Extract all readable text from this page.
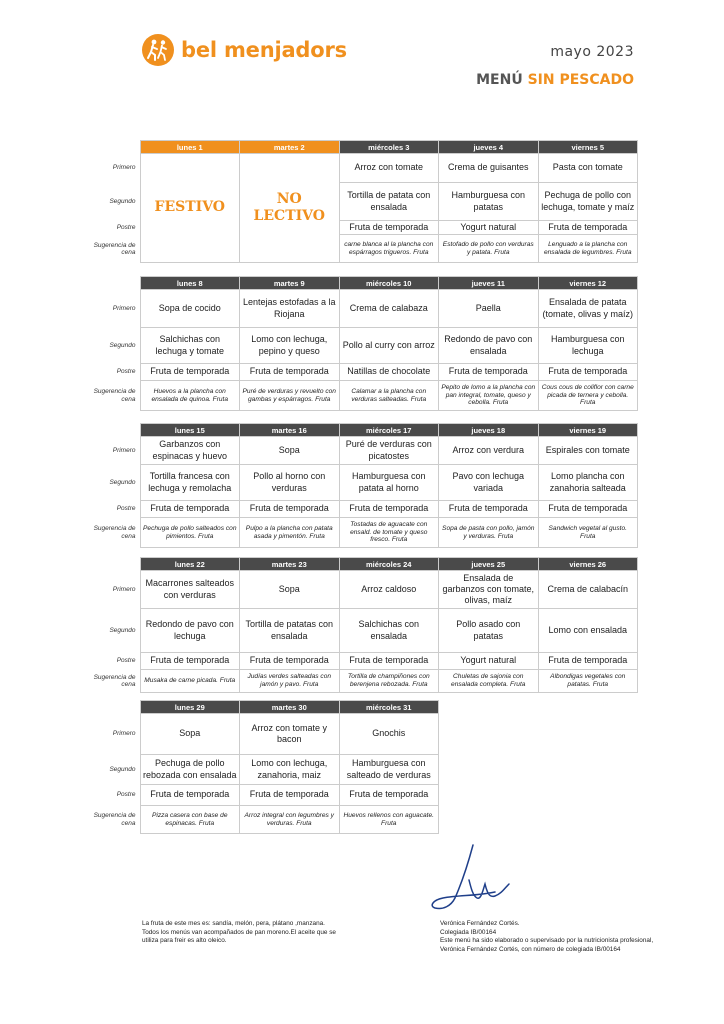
bel menjadors	mayo 2023
MENÚ SIN PESCADO
	lunes 1	martes 2	miércoles 3	jueves 4	viernes 5
Primero	FESTIVO	NO LECTIVO	Arroz con tomate	Crema de guisantes	Pasta con tomate
Segundo			Tortilla de patata con ensalada	Hamburguesa con patatas	Pechuga de pollo con lechuga, tomate y maíz
Postre			Fruta de temporada	Yogurt natural	Fruta de temporada
Sugerencia de cena			carne blanca al la plancha con espárragos trigueros. Fruta	Estofado de pollo con verduras y patata. Fruta	Lenguado a la plancha con ensalada de legumbres. Fruta
	lunes 8	martes 9	miércoles 10	jueves 11	viernes 12
Primero	Sopa de cocido	Lentejas estofadas a la Riojana	Crema de calabaza	Paella	Ensalada de patata (tomate, olivas y maíz)
Segundo	Salchichas con lechuga y tomate	Lomo con lechuga, pepino y queso	Pollo al curry con arroz	Redondo de pavo con ensalada	Hamburguesa con lechuga
Postre	Fruta de temporada	Fruta de temporada	Natillas de chocolate	Fruta de temporada	Fruta de temporada
Sugerencia de cena	Huevos a la plancha con ensalada de quinoa. Fruta	Puré de verduras y revuelto con gambas y espárragos. Fruta	Calamar a la plancha con verduras salteadas. Fruta	Pepito de lomo a la plancha con pan integral, tomate, queso y cebolla. Fruta	Cous cous de coliflor con carne picada de ternera y cebolla. Fruta
	lunes 15	martes 16	miércoles 17	jueves 18	viernes 19
Primero	Garbanzos con espinacas y huevo	Sopa	Puré de verduras con picatostes	Arroz con verdura	Espirales con tomate
Segundo	Tortilla francesa con lechuga y remolacha	Pollo al horno con verduras	Hamburguesa con patata al horno	Pavo con lechuga variada	Lomo plancha con zanahoria salteada
Postre	Fruta de temporada	Fruta de temporada	Fruta de temporada	Fruta de temporada	Fruta de temporada
Sugerencia de cena	Pechuga de pollo salteados con pimientos. Fruta	Pulpo a la plancha con patata asada y pimentón. Fruta	Tostadas de aguacate con ensald. de tomate y queso fresco. Fruta	Sopa de pasta con pollo, jamón y verduras. Fruta	Sandwich vegetal al gusto. Fruta
	lunes 22	martes 23	miércoles 24	jueves 25	viernes 26
Primero	Macarrones salteados con verduras	Sopa	Arroz caldoso	Ensalada de garbanzos con tomate, olivas, maíz	Crema de calabacín
Segundo	Redondo de pavo con lechuga	Tortilla de patatas con ensalada	Salchichas con ensalada	Pollo asado con patatas	Lomo con ensalada
Postre	Fruta de temporada	Fruta de temporada	Fruta de temporada	Yogurt natural	Fruta de temporada
Sugerencia de cena	Musaka de carne picada. Fruta	Judías verdes salteadas con jamón y pavo. Fruta	Tortilla de champiñones con berenjena rebozada. Fruta	Chuletas de sajonia con ensalada completa. Fruta	Albondigas vegetales con patatas. Fruta
	lunes 29	martes 30	miércoles 31
Primero	Sopa	Arroz con tomate y bacon	Gnochis
Segundo	Pechuga de pollo rebozada con ensalada	Lomo con lechuga, zanahoria, maiz	Hamburguesa con salteado de verduras
Postre	Fruta de temporada	Fruta de temporada	Fruta de temporada
Sugerencia de cena	Pizza casera con base de espinacas. Fruta	Arroz integral con legumbres y verduras. Fruta	Huevos rellenos con aguacate. Fruta
La fruta de este mes es: sandía, melón, pera, plátano ,manzana. Todos los menús van acompañados de pan moreno.El aceite que se utiliza para freir es alto oleico.
Verónica Fernández Cortés.
Colegiada IB/00164
Este menú ha sido elaborado o supervisado por la nutricionista profesional, Verónica Fernández Cortés, con número de colegiada IB/00164
